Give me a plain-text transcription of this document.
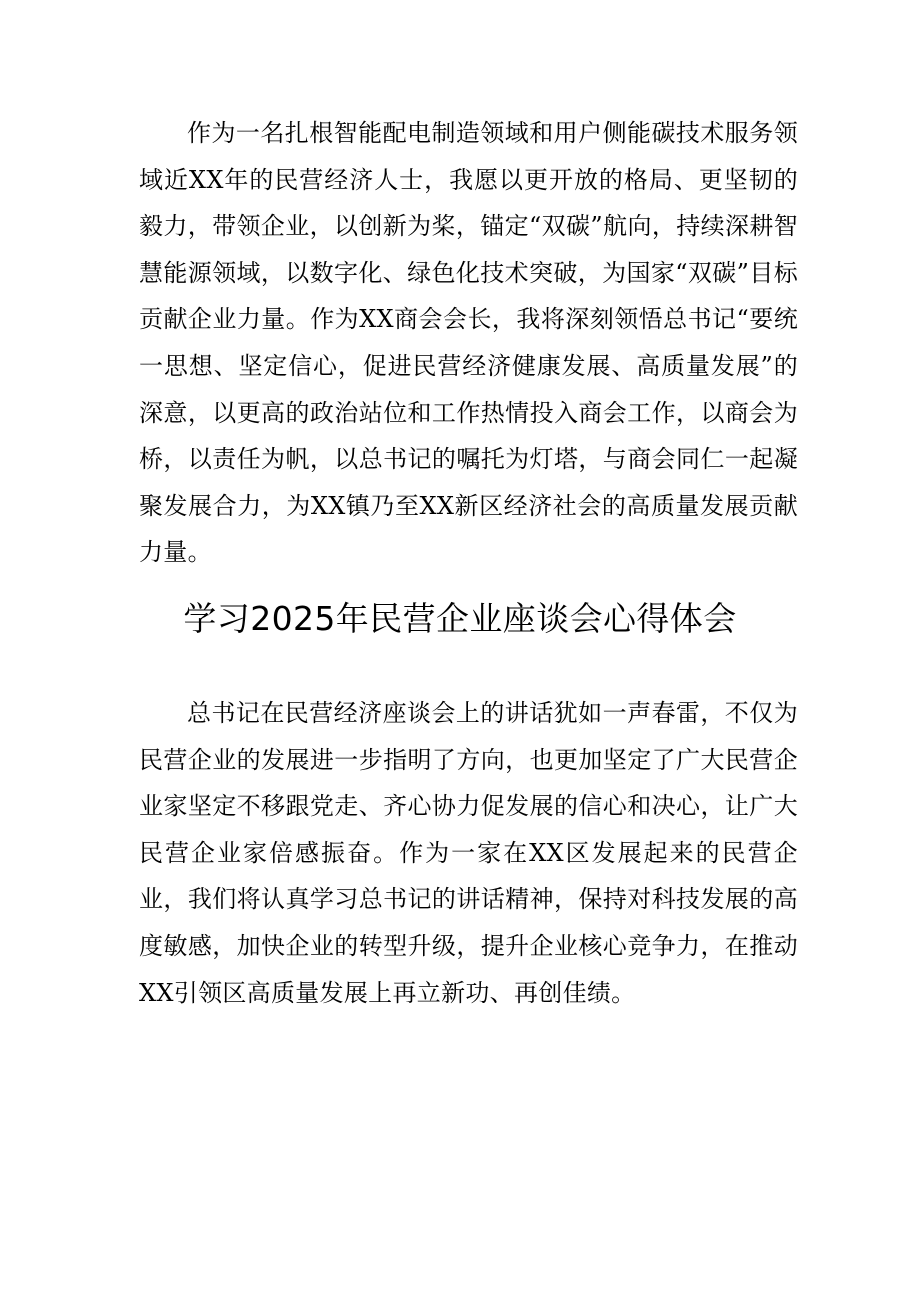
作为一名扎根智能配电制造领域和用户侧能碳技术服务领域近XX年的民营经济人士，我愿以更开放的格局、更坚韧的毅力，带领企业，以创新为桨，锚定“双碳”航向，持续深耕智慧能源领域，以数字化、绿色化技术突破，为国家“双碳”目标贡献企业力量。作为XX商会会长，我将深刻领悟总书记“要统一思想、坚定信心，促进民营经济健康发展、高质量发展”的深意，以更高的政治站位和工作热情投入商会工作，以商会为桥，以责任为帆，以总书记的嘱托为灯塔，与商会同仁一起凝聚发展合力，为XX镇乃至XX新区经济社会的高质量发展贡献力量。

学习2025年民营企业座谈会心得体会

总书记在民营经济座谈会上的讲话犹如一声春雷，不仅为民营企业的发展进一步指明了方向，也更加坚定了广大民营企业家坚定不移跟党走、齐心协力促发展的信心和决心，让广大民营企业家倍感振奋。作为一家在XX区发展起来的民营企业，我们将认真学习总书记的讲话精神，保持对科技发展的高度敏感，加快企业的转型升级，提升企业核心竞争力，在推动XX引领区高质量发展上再立新功、再创佳绩。
